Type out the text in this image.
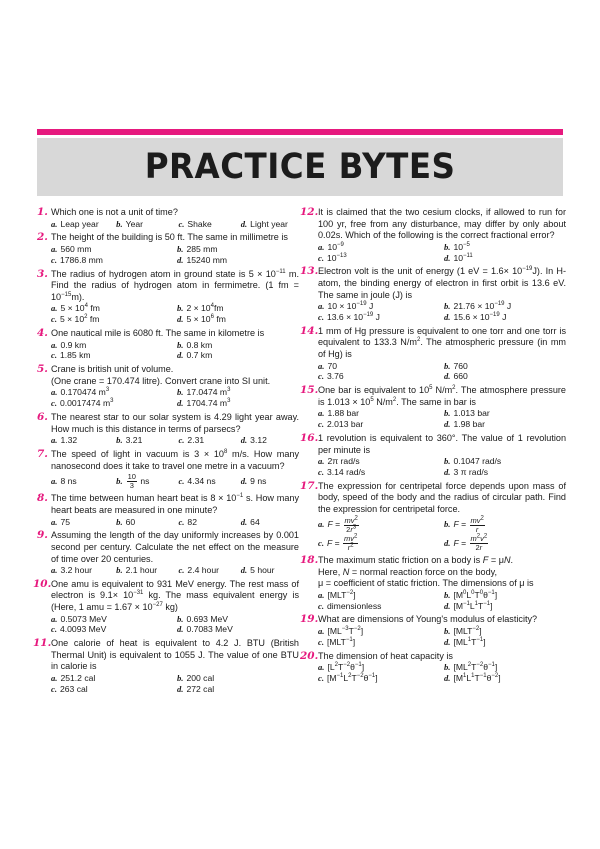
PRACTICE BYTES
1. Which one is not a unit of time?
a. Leap year	b. Year	c. Shake	d. Light year
2. The height of the building is 50 ft. The same in millimetre is
a. 560 mm	b. 285 mm
c. 1786.8 mm	d. 15240 mm
3. The radius of hydrogen atom in ground state is $5 \times 10^{-11}$ m. Find the radius of hydrogen atom in fermimetre. (1 fm = $10^{-15}m$).
a. $5 \times 10^4$ fm	b. $2 \times 10^4fm$
c. $5 \times 10^2$ fm	d. $5 \times 10^6$ fm
4. One nautical mile is 6080 ft. The same in kilometre is
a. 0.9 km	b. 0.8 km
c. 1.85 km	d. 0.7 km
5. Crane is british unit of volume.
(One crane = 170.474 litre). Convert crane into SI unit.
a. 0.170474 $m^3$	b. 17.0474 $m^3$
c. 0.0017474 $m^3$	d. 1704.74 $m^3$
6. The nearest star to our solar system is 4.29 light year away. How much is this distance in terms of parsecs?
a. 1.32	b. 3.21	c. 2.31	d. 3.12
7. The speed of light in vacuum is $3 \times 10^8$ m/s. How many nanosecond does it take to travel one metre in a vacuum?
a. 8 ns	b. $\frac{10}{3}$ ns	c. 4.34 ns	d. 9 ns
8. The time between human heart beat is $8 \times 10^{-1}$ s. How many heart beats are measured in one minute?
a. 75	b. 60	c. 82	d. 64
9. Assuming the length of the day uniformly increases by 0.001 second per century. Calculate the net effect on the measure of time over 20 centuries.
a. 3.2 hour	b. 2.1 hour	c. 2.4 hour	d. 5 hour
10. One amu is equivalent to 931 MeV energy. The rest mass of electron is $9.1\times 10^{-31}$ kg. The mass equivalent energy is (Here, 1 amu = $1.67 \times 10^{-27}$ kg)
a. 0.5073 MeV	b. 0.693 MeV
c. 4.0093 MeV	d. 0.7083 MeV
11. One calorie of heat is equivalent to 4.2 J. BTU (British Thermal Unit) is equivalent to 1055 J. The value of one BTU in calorie is
a. 251.2 cal	b. 200 cal
c. 263 cal	d. 272 cal
12. It is claimed that the two cesium clocks, if allowed to run for 100 yr, free from any disturbance, may differ by only about 0.02s. Which of the following is the correct fractional error?
a. $10^{-9}$	b. $10^{-5}$
c. $10^{-13}$	d. $10^{-11}$
13. Electron volt is the unit of energy (1 eV = $1.6\times 10^{-19}J$). In H-atom, the binding energy of electron in first orbit is 13.6 eV. The same in joule (J) is
a. $10 \times 10^{-19}$ J	b. $21.76 \times 10^{-19}$ J
c. $13.6 \times 10^{-19}$ J	d. $15.6 \times 10^{-19}$ J
14. 1 mm of Hg pressure is equivalent to one torr and one torr is equivalent to 133.3 $N/m^2$. The atmospheric pressure (in mm of Hg) is
a. 70	b. 760
c. 3.76	d. 660
15. One bar is equivalent to $10^5$ $N/m^2$. The atmosphere pressure is $1.013 \times 10^5$ $N/m^2$. The same in bar is
a. 1.88 bar	b. 1.013 bar
c. 2.013 bar	d. 1.98 bar
16. 1 revolution is equivalent to 360°. The value of 1 revolution per minute is
a. 2π rad/s	b. 0.1047 rad/s
c. 3.14 rad/s	d. 3 π rad/s
17. The expression for centripetal force depends upon mass of body, speed of the body and the radius of circular path. Find the expression for centripetal force.
a. $F = \frac{mv^2}{2r^3}$	b. $F = \frac{mv^2}{r}$
c. $F = \frac{mv^2}{r^2}$	d. $F = \frac{m^2v^2}{2r}$
18. The maximum static friction on a body is F = μN.
Here, N = normal reaction force on the body,
μ = coefficient of static friction. The dimensions of μ is
a. $[MLT^{-2}]$	b. $[M^0L^0T^0\theta^{-1}]$
c. dimensionless	d. $[M^{-1}L^1T^{-1}]$
19. What are dimensions of Young's modulus of elasticity?
a. $[ML^{-3}T^{-2}]$	b. $[MLT^{-2}]$
c. $[MLT^{-1}]$	d. $[ML^1T^{-1}]$
20. The dimension of heat capacity is
a. $[L^2T^{-2}\theta^{-1}]$	b. $[ML^2T^{-2}\theta^{-1}]$
c. $[M^{-1}L^2T^{-2}\theta^{-1}]$	d. $[M^1L^1T^{-1}\theta^{-2}]$
